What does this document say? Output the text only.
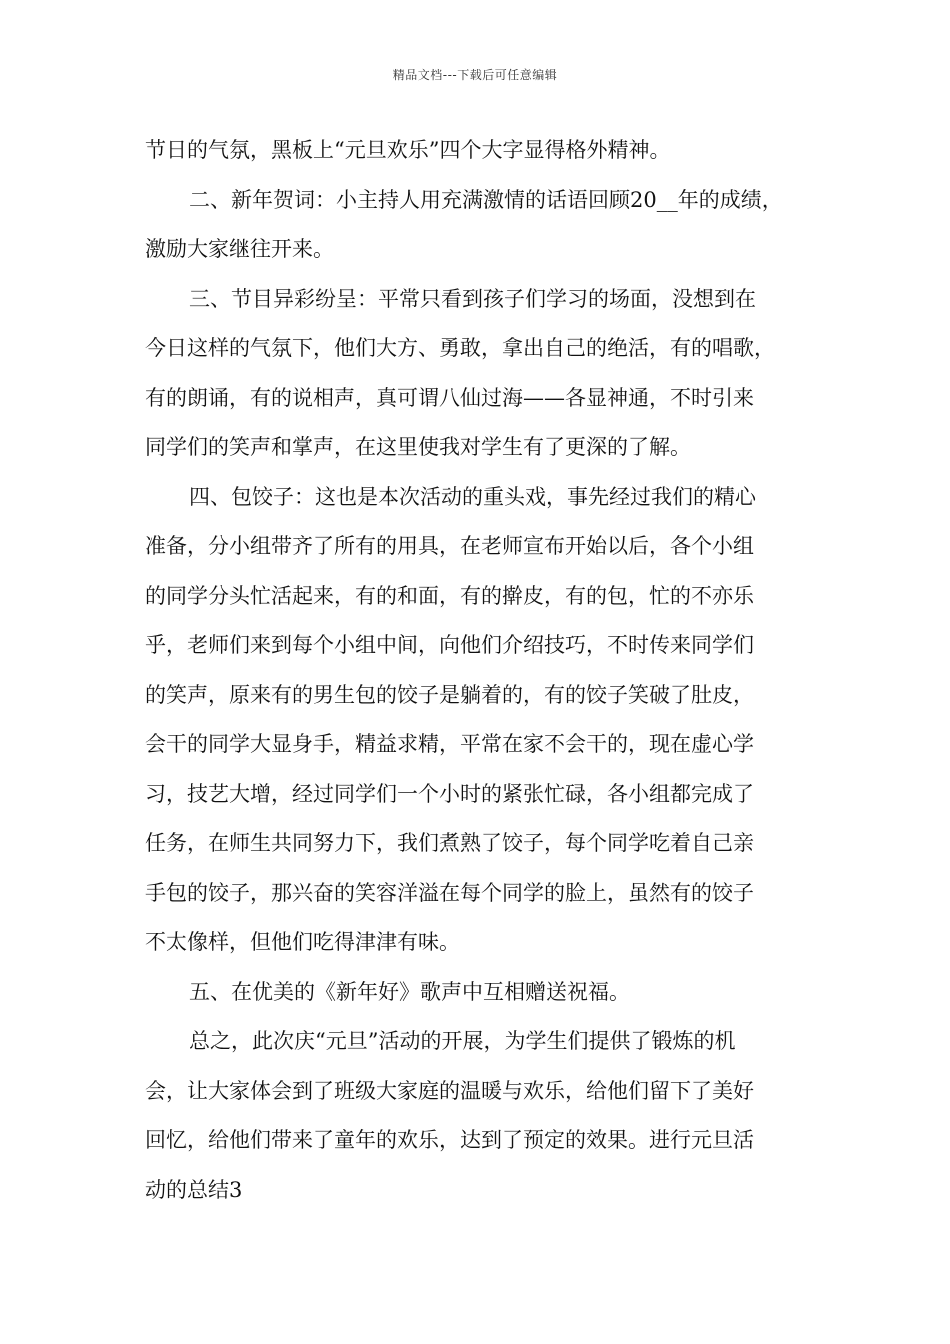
精品文档---下载后可任意编辑
节日的气氛，黑板上“元旦欢乐”四个大字显得格外精神。
二、新年贺词：小主持人用充满激情的话语回顾20__年的成绩，
激励大家继往开来。
三、节目异彩纷呈：平常只看到孩子们学习的场面，没想到在
今日这样的气氛下，他们大方、勇敢，拿出自己的绝活，有的唱歌，
有的朗诵，有的说相声，真可谓八仙过海——各显神通，不时引来
同学们的笑声和掌声，在这里使我对学生有了更深的了解。
四、包饺子：这也是本次活动的重头戏，事先经过我们的精心
准备，分小组带齐了所有的用具，在老师宣布开始以后，各个小组
的同学分头忙活起来，有的和面，有的擀皮，有的包，忙的不亦乐
乎，老师们来到每个小组中间，向他们介绍技巧，不时传来同学们
的笑声，原来有的男生包的饺子是躺着的，有的饺子笑破了肚皮，
会干的同学大显身手，精益求精，平常在家不会干的，现在虚心学
习，技艺大增，经过同学们一个小时的紧张忙碌，各小组都完成了
任务，在师生共同努力下，我们煮熟了饺子，每个同学吃着自己亲
手包的饺子，那兴奋的笑容洋溢在每个同学的脸上，虽然有的饺子
不太像样，但他们吃得津津有味。
五、在优美的《新年好》歌声中互相赠送祝福。
总之，此次庆“元旦”活动的开展，为学生们提供了锻炼的机
会，让大家体会到了班级大家庭的温暖与欢乐，给他们留下了美好
回忆，给他们带来了童年的欢乐，达到了预定的效果。进行元旦活
动的总结3
